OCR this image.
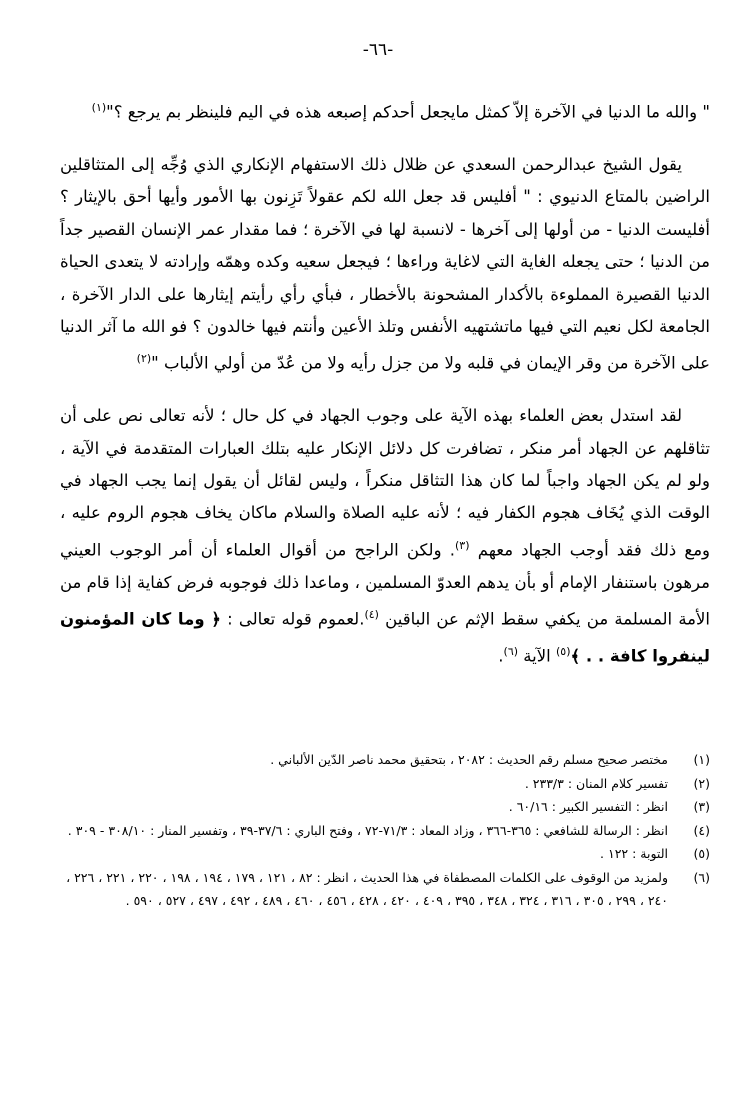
-٦٦-

" والله ما الدنيا في الآخرة إلاّ كمثل مايجعل أحدكم إصبعه هذه في اليم فلينظر بم يرجع ؟"$^{(١)}$

يقول الشيخ عبدالرحمن السعدي عن ظلال ذلك الاستفهام الإنكاري الذي وُجِّه إلى المتثاقلين الراضين بالمتاع الدنيوي : " أفليس قد جعل الله لكم عقولاً تَزِنون بها الأمور وأيها أحق بالإيثار ؟ أفليست الدنيا - من أولها إلى آخرها - لانسبة لها في الآخرة ؛ فما مقدار عمر الإنسان القصير جداً من الدنيا ؛ حتى يجعله الغاية التي لاغاية وراءها ؛ فيجعل سعيه وكده وهمّه وإرادته لا يتعدى الحياة الدنيا القصيرة المملوءة بالأكدار المشحونة بالأخطار ، فبأي رأي رأيتم إيثارها على الدار الآخرة ، الجامعة لكل نعيم التي فيها ماتشتهيه الأنفس وتلذ الأعين وأنتم فيها خالدون ؟ فو الله ما آثر الدنيا على الآخرة من وقر الإيمان في قلبه ولا من جزل رأيه ولا من عُدّ من أولي الألباب "$^{(٢)}$

لقد استدل بعض العلماء بهذه الآية على وجوب الجهاد في كل حال ؛ لأنه تعالى نص على أن تثاقلهم عن الجهاد أمر منكر ، تضافرت كل دلائل الإنكار عليه بتلك العبارات المتقدمة في الآية ، ولو لم يكن الجهاد واجباً لما كان هذا التثاقل منكراً ، وليس لقائل أن يقول إنما يجب الجهاد في الوقت الذي يُخَاف هجوم الكفار فيه ؛ لأنه عليه الصلاة والسلام ماكان يخاف هجوم الروم عليه ، ومع ذلك فقد أوجب الجهاد معهم $^{(٣)}$. ولكن الراجح من أقوال العلماء أن أمر الوجوب العيني مرهون باستنفار الإمام أو بأن يدهم العدوّ المسلمين ، وماعدا ذلك فوجوبه فرض كفاية إذا قام من الأمة المسلمة من يكفي سقط الإثم عن الباقين $^{(٤)}$.لعموم قوله تعالى : ﴿ وما كان المؤمنون لينفروا كافة . . ﴾$^{(٥)}$ الآية $^{(٦)}$.

(١)
مختصر صحيح مسلم رقم الحديث : ٢٠٨٢ ، بتحقيق محمد ناصر الدّين الألباني .
(٢)
تفسير كلام المنان : ٢٣٣/٣ .
(٣)
انظر : التفسير الكبير : ٦٠/١٦ .
(٤)
انظر : الرسالة للشافعي : ٣٦٥-٣٦٦ ، وزاد المعاد : ٧١/٣-٧٢ ، وفتح الباري : ٣٧/٦-٣٩ ، وتفسير المنار : ٣٠٨/١٠ - ٣٠٩ .
(٥)
التوبة : ١٢٢ .
(٦)
ولمزيد من الوقوف على الكلمات المصطفاة في هذا الحديث ، انظر : ٨٢ ، ١٢١ ، ١٧٩ ، ١٩٤ ، ١٩٨ ، ٢٢٠ ، ٢٢١ ، ٢٢٦ ، ٢٤٠ ، ٢٩٩ ، ٣٠٥ ، ٣١٦ ، ٣٢٤ ، ٣٤٨ ، ٣٩٥ ، ٤٠٩ ، ٤٢٠ ، ٤٢٨ ، ٤٥٦ ، ٤٦٠ ، ٤٨٩ ، ٤٩٢ ، ٤٩٧ ، ٥٢٧ ، ٥٩٠ .
